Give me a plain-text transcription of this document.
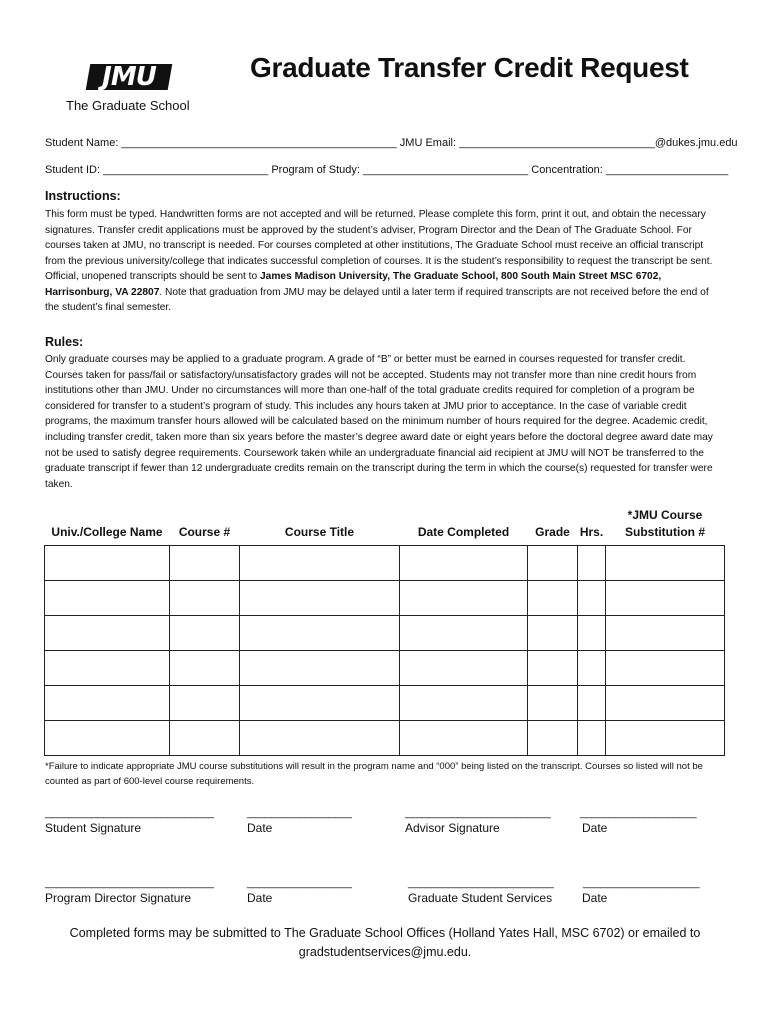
JMU
The Graduate School
Graduate Transfer Credit Request
Student Name: _____________________________________________ JMU Email: ________________________________@dukes.jmu.edu
Student ID: ___________________________ Program of Study: ___________________________ Concentration: ____________________
Instructions:
This form must be typed. Handwritten forms are not accepted and will be returned. Please complete this form, print it out, and obtain the necessary signatures. Transfer credit applications must be approved by the student’s adviser, Program Director and the Dean of The Graduate School. For courses taken at JMU, no transcript is needed. For courses completed at other institutions, The Graduate School must receive an official transcript from the previous university/college that indicates successful completion of courses. It is the student’s responsibility to request the transcript be sent. Official, unopened transcripts should be sent to James Madison University, The Graduate School, 800 South Main Street MSC 6702, Harrisonburg, VA 22807. Note that graduation from JMU may be delayed until a later term if required transcripts are not received before the end of the student’s final semester.
Rules:
Only graduate courses may be applied to a graduate program. A grade of “B” or better must be earned in courses requested for transfer credit. Courses taken for pass/fail or satisfactory/unsatisfactory grades will not be accepted. Students may not transfer more than nine credit hours from institutions other than JMU. Under no circumstances will more than one-half of the total graduate credits required for completion of a program be considered for transfer to a student’s program of study. This includes any hours taken at JMU prior to acceptance. In the case of variable credit programs, the maximum transfer hours allowed will be calculated based on the minimum number of hours required for the degree. Academic credit, including transfer credit, taken more than six years before the master’s degree award date or eight years before the doctoral degree award date may not be used to satisfy degree requirements. Coursework taken while an undergraduate financial aid recipient at JMU will NOT be transferred to the graduate transcript if fewer than 12 undergraduate credits remain on the transcript during the term in which the course(s) requested for transfer were taken.
Univ./College Name	Course #	Course Title	Date Completed	Grade	Hrs.	*JMU Course Substitution #

*Failure to indicate appropriate JMU course substitutions will result in the program name and “000” being listed on the transcript. Courses so listed will not be counted as part of 600-level course requirements.
_____________________________	__________________	_________________________	____________________
Student Signature	Date	Advisor Signature	Date
_____________________________	__________________	_________________________	____________________
Program Director Signature	Date	Graduate Student Services Date
Completed forms may be submitted to The Graduate School Offices (Holland Yates Hall, MSC 6702) or emailed to gradstudentservices@jmu.edu.
